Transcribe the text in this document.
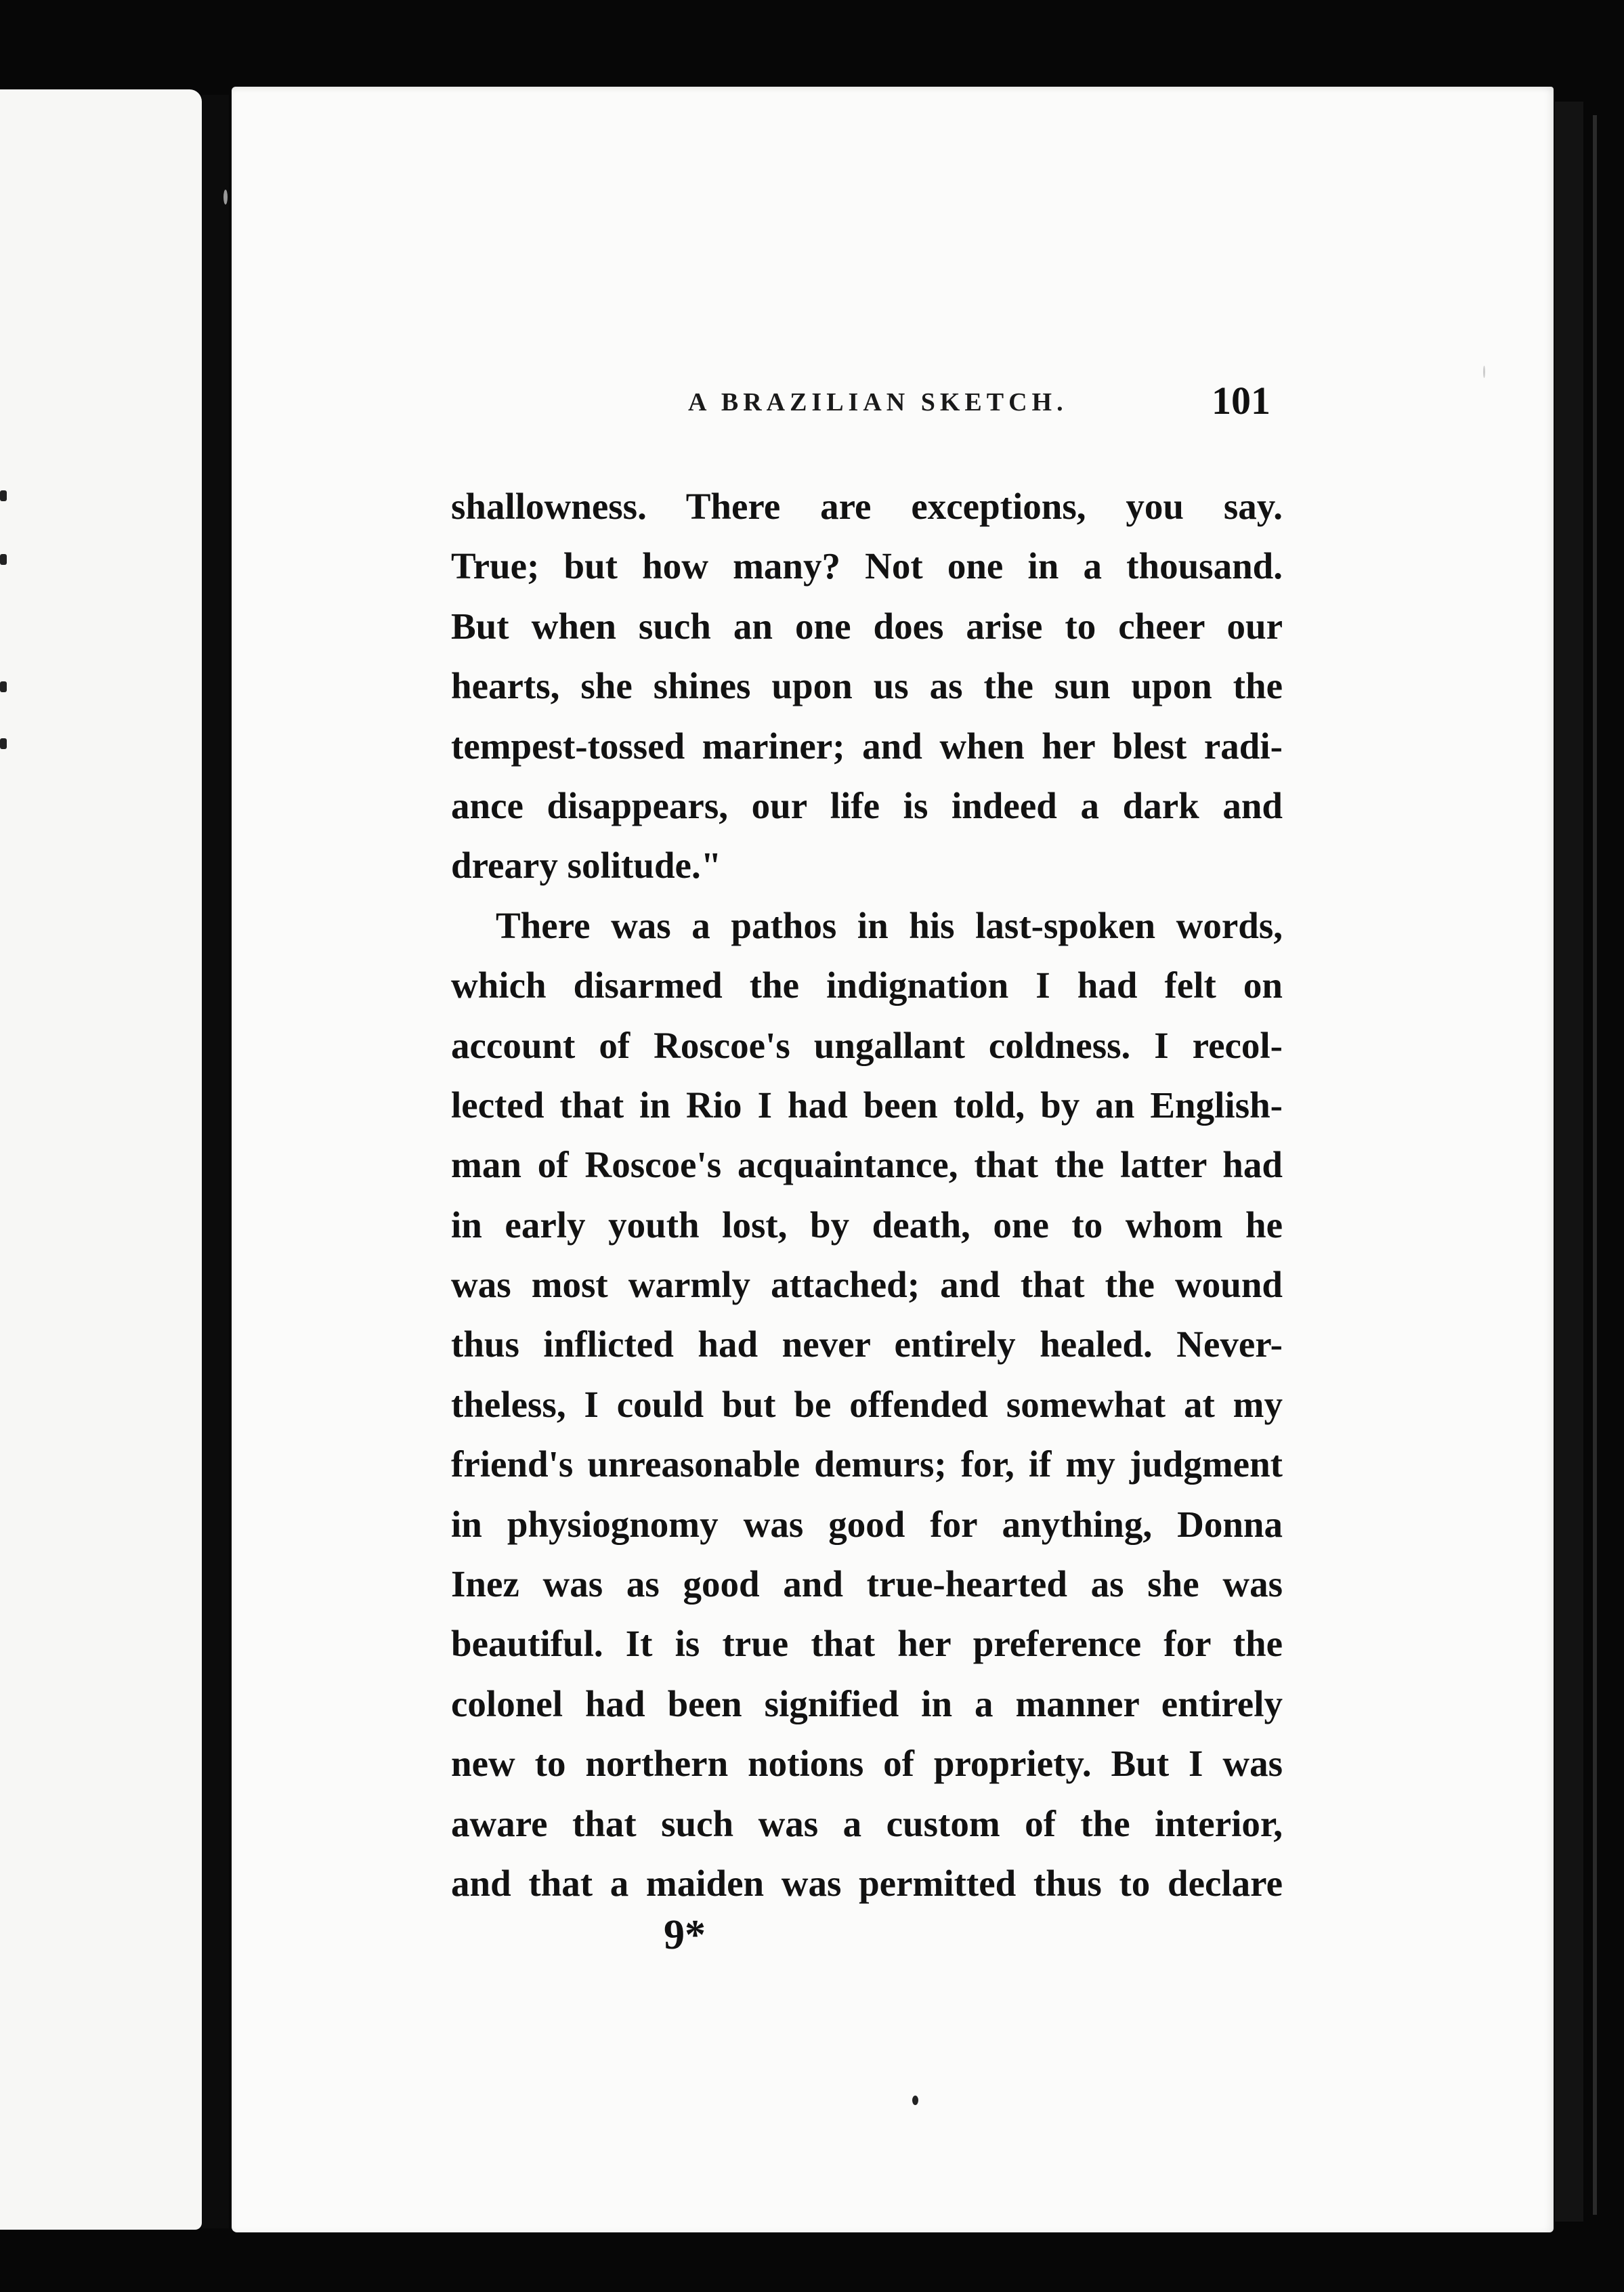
A BRAZILIAN SKETCH.	101
shallowness. There are exceptions, you say.
True; but how many? Not one in a thousand.
But when such an one does arise to cheer our
hearts, she shines upon us as the sun upon the
tempest-tossed mariner; and when her blest radi-
ance disappears, our life is indeed a dark and
dreary solitude."
There was a pathos in his last-spoken words,
which disarmed the indignation I had felt on
account of Roscoe's ungallant coldness. I recol-
lected that in Rio I had been told, by an English-
man of Roscoe's acquaintance, that the latter had
in early youth lost, by death, one to whom he
was most warmly attached; and that the wound
thus inflicted had never entirely healed. Never-
theless, I could but be offended somewhat at my
friend's unreasonable demurs; for, if my judgment
in physiognomy was good for anything, Donna
Inez was as good and true-hearted as she was
beautiful. It is true that her preference for the
colonel had been signified in a manner entirely
new to northern notions of propriety. But I was
aware that such was a custom of the interior,
and that a maiden was permitted thus to declare
9*
